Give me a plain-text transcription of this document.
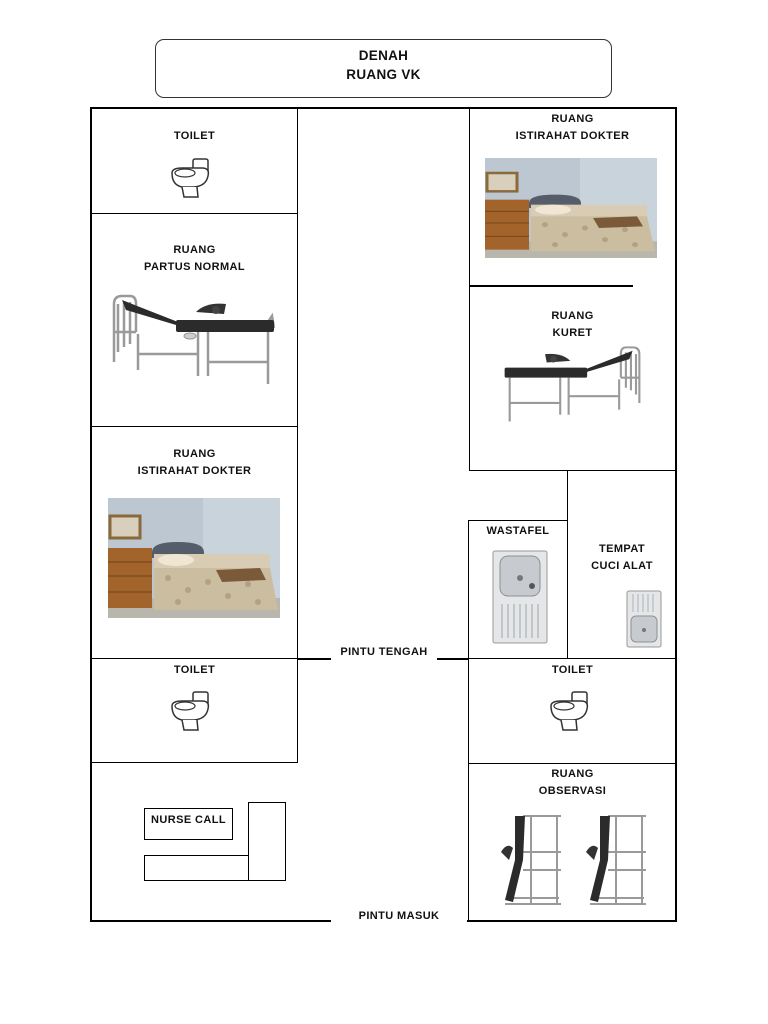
DENAH
RUANG VK
TOILET
RUANG
PARTUS NORMAL
RUANG
ISTIRAHAT DOKTER
TOILET
RUANG
ISTIRAHAT DOKTER
RUANG
KURET
WASTAFEL
TEMPAT
CUCI ALAT
TOILET
RUANG
OBSERVASI
PINTU TENGAH
PINTU MASUK
NURSE CALL
